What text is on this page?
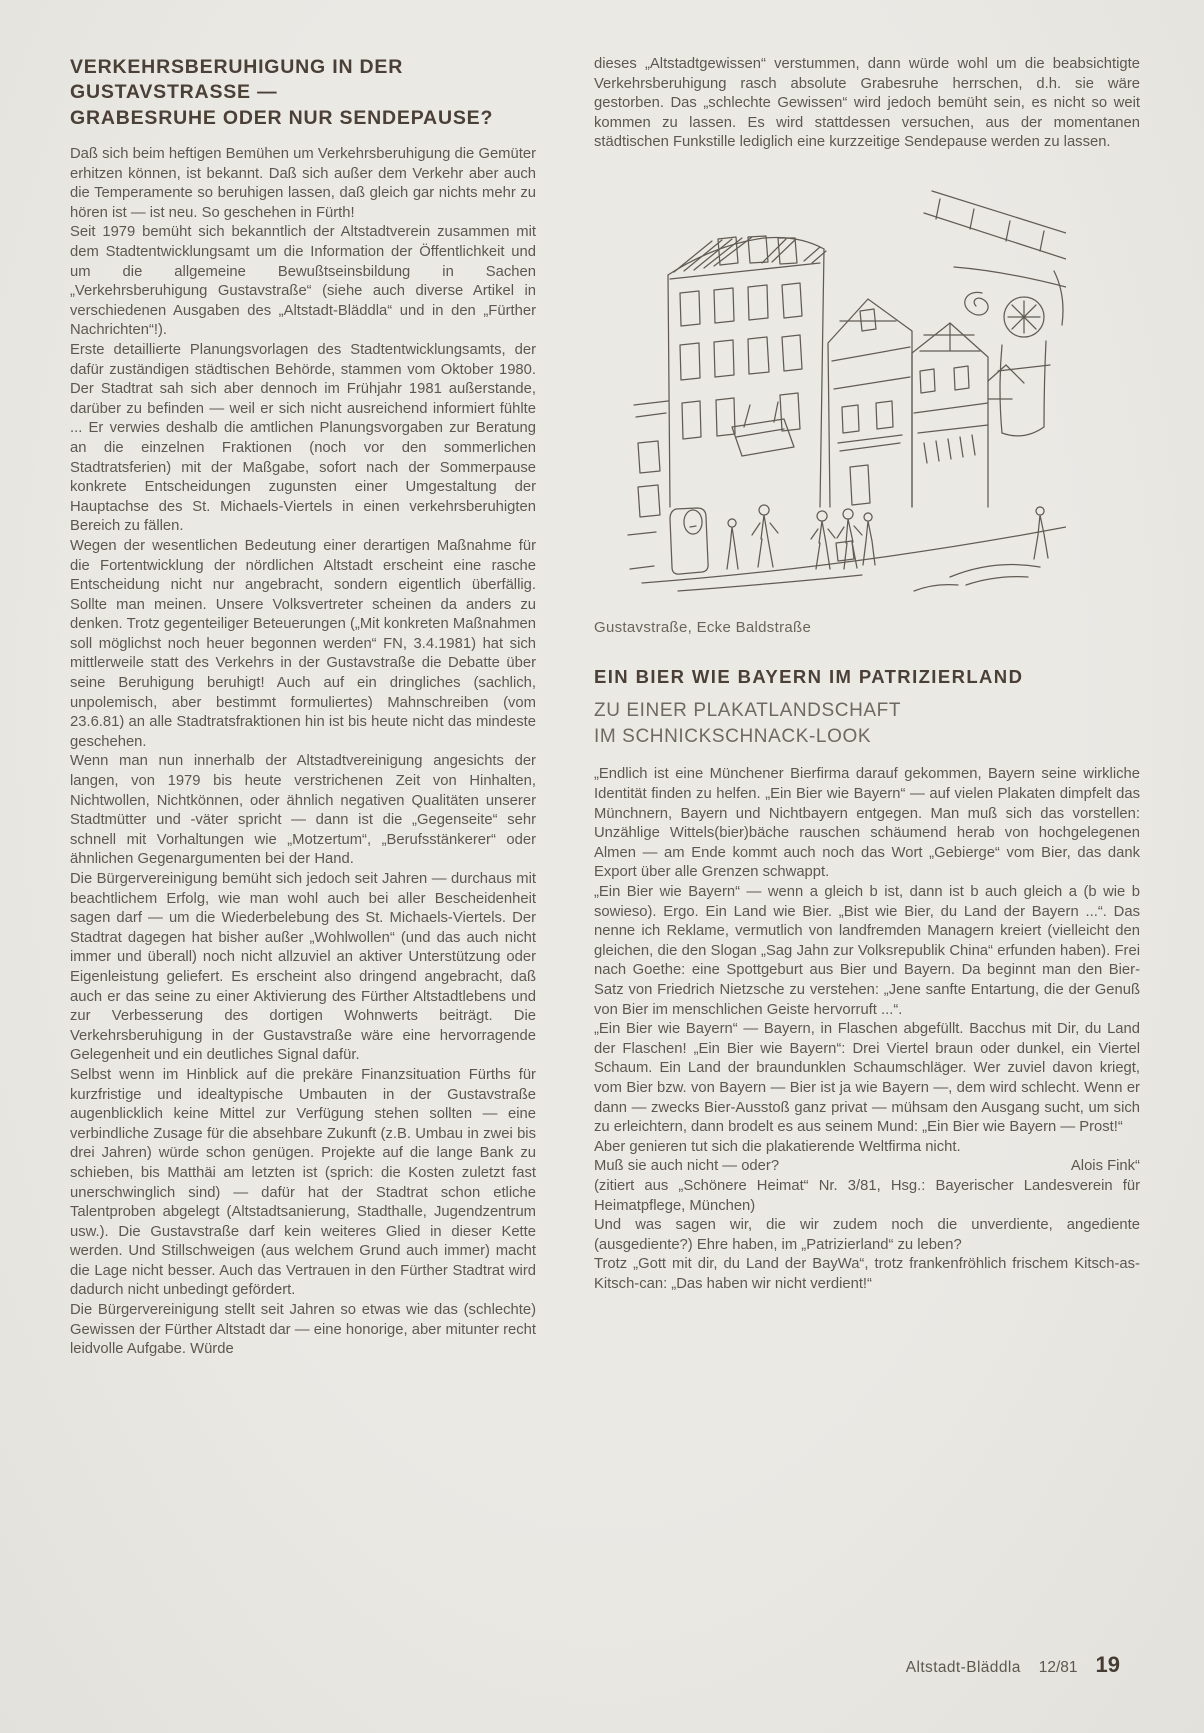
VERKEHRSBERUHIGUNG IN DER
GUSTAVSTRASSE —
GRABESRUHE ODER NUR SENDEPAUSE?

Daß sich beim heftigen Bemühen um Verkehrsberuhigung die Gemüter erhitzen können, ist bekannt. Daß sich außer dem Verkehr aber auch die Temperamente so beruhigen lassen, daß gleich gar nichts mehr zu hören ist — ist neu. So geschehen in Fürth!

Seit 1979 bemüht sich bekanntlich der Altstadtverein zusammen mit dem Stadtentwicklungsamt um die Information der Öffentlichkeit und um die allgemeine Bewußtseinsbildung in Sachen „Verkehrsberuhigung Gustavstraße“ (siehe auch diverse Artikel in verschiedenen Ausgaben des „Altstadt-Bläddla“ und in den „Fürther Nachrichten“!).

Erste detaillierte Planungsvorlagen des Stadtentwicklungsamts, der dafür zuständigen städtischen Behörde, stammen vom Oktober 1980. Der Stadtrat sah sich aber dennoch im Frühjahr 1981 außerstande, darüber zu befinden — weil er sich nicht ausreichend informiert fühlte ... Er verwies deshalb die amtlichen Planungsvorgaben zur Beratung an die einzelnen Fraktionen (noch vor den sommerlichen Stadtratsferien) mit der Maßgabe, sofort nach der Sommerpause konkrete Entscheidungen zugunsten einer Umgestaltung der Hauptachse des St. Michaels-Viertels in einen verkehrsberuhigten Bereich zu fällen.

Wegen der wesentlichen Bedeutung einer derartigen Maßnahme für die Fortentwicklung der nördlichen Altstadt erscheint eine rasche Entscheidung nicht nur angebracht, sondern eigentlich überfällig. Sollte man meinen. Unsere Volksvertreter scheinen da anders zu denken. Trotz gegenteiliger Beteuerungen („Mit konkreten Maßnahmen soll möglichst noch heuer begonnen werden“ FN, 3.4.1981) hat sich mittlerweile statt des Verkehrs in der Gustavstraße die Debatte über seine Beruhigung beruhigt! Auch auf ein dringliches (sachlich, unpolemisch, aber bestimmt formuliertes) Mahnschreiben (vom 23.6.81) an alle Stadtratsfraktionen hin ist bis heute nicht das mindeste geschehen.

Wenn man nun innerhalb der Altstadtvereinigung angesichts der langen, von 1979 bis heute verstrichenen Zeit von Hinhalten, Nichtwollen, Nichtkönnen, oder ähnlich negativen Qualitäten unserer Stadtmütter und -väter spricht — dann ist die „Gegenseite“ sehr schnell mit Vorhaltungen wie „Motzertum“, „Berufsstänkerer“ oder ähnlichen Gegenargumenten bei der Hand.

Die Bürgervereinigung bemüht sich jedoch seit Jahren — durchaus mit beachtlichem Erfolg, wie man wohl auch bei aller Bescheidenheit sagen darf — um die Wiederbelebung des St. Michaels-Viertels. Der Stadtrat dagegen hat bisher außer „Wohlwollen“ (und das auch nicht immer und überall) noch nicht allzuviel an aktiver Unterstützung oder Eigenleistung geliefert. Es erscheint also dringend angebracht, daß auch er das seine zu einer Aktivierung des Fürther Altstadtlebens und zur Verbesserung des dortigen Wohnwerts beiträgt. Die Verkehrsberuhigung in der Gustavstraße wäre eine hervorragende Gelegenheit und ein deutliches Signal dafür.

Selbst wenn im Hinblick auf die prekäre Finanzsituation Fürths für kurzfristige und idealtypische Umbauten in der Gustavstraße augenblicklich keine Mittel zur Verfügung stehen sollten — eine verbindliche Zusage für die absehbare Zukunft (z.B. Umbau in zwei bis drei Jahren) würde schon genügen. Projekte auf die lange Bank zu schieben, bis Matthäi am letzten ist (sprich: die Kosten zuletzt fast unerschwinglich sind) — dafür hat der Stadtrat schon etliche Talentproben abgelegt (Altstadtsanierung, Stadthalle, Jugendzentrum usw.). Die Gustavstraße darf kein weiteres Glied in dieser Kette werden. Und Stillschweigen (aus welchem Grund auch immer) macht die Lage nicht besser. Auch das Vertrauen in den Fürther Stadtrat wird dadurch nicht unbedingt gefördert.

Die Bürgervereinigung stellt seit Jahren so etwas wie das (schlechte) Gewissen der Fürther Altstadt dar — eine honorige, aber mitunter recht leidvolle Aufgabe. Würde

dieses „Altstadtgewissen“ verstummen, dann würde wohl um die beabsichtigte Verkehrsberuhigung rasch absolute Grabesruhe herrschen, d.h. sie wäre gestorben. Das „schlechte Gewissen“ wird jedoch bemüht sein, es nicht so weit kommen zu lassen. Es wird stattdessen versuchen, aus der momentanen städtischen Funkstille lediglich eine kurzzeitige Sendepause werden zu lassen.

Gustavstraße, Ecke Baldstraße

EIN BIER WIE BAYERN IM PATRIZIERLAND
ZU EINER PLAKATLANDSCHAFT
IM SCHNICKSCHNACK-LOOK

„Endlich ist eine Münchener Bierfirma darauf gekommen, Bayern seine wirkliche Identität finden zu helfen. „Ein Bier wie Bayern“ — auf vielen Plakaten dimpfelt das Münchnern, Bayern und Nichtbayern entgegen. Man muß sich das vorstellen: Unzählige Wittels(bier)bäche rauschen schäumend herab von hochgelegenen Almen — am Ende kommt auch noch das Wort „Gebierge“ vom Bier, das dank Export über alle Grenzen schwappt.

„Ein Bier wie Bayern“ — wenn a gleich b ist, dann ist b auch gleich a (b wie b sowieso). Ergo. Ein Land wie Bier. „Bist wie Bier, du Land der Bayern ...“. Das nenne ich Reklame, vermutlich von landfremden Managern kreiert (vielleicht den gleichen, die den Slogan „Sag Jahn zur Volksrepublik China“ erfunden haben). Frei nach Goethe: eine Spottgeburt aus Bier und Bayern. Da beginnt man den Bier-Satz von Friedrich Nietzsche zu verstehen: „Jene sanfte Entartung, die der Genuß von Bier im menschlichen Geiste hervorruft ...“.

„Ein Bier wie Bayern“ — Bayern, in Flaschen abgefüllt. Bacchus mit Dir, du Land der Flaschen! „Ein Bier wie Bayern“: Drei Viertel braun oder dunkel, ein Viertel Schaum. Ein Land der braundunklen Schaumschläger. Wer zuviel davon kriegt, vom Bier bzw. von Bayern — Bier ist ja wie Bayern —, dem wird schlecht. Wenn er dann — zwecks Bier-Ausstoß ganz privat — mühsam den Ausgang sucht, um sich zu erleichtern, dann brodelt es aus seinem Mund: „Ein Bier wie Bayern — Prost!“

Aber genieren tut sich die plakatierende Weltfirma nicht.

Muß sie auch nicht — oder?	Alois Fink“

(zitiert aus „Schönere Heimat“ Nr. 3/81, Hsg.: Bayerischer Landesverein für Heimatpflege, München)

Und was sagen wir, die wir zudem noch die unverdiente, angediente (ausgediente?) Ehre haben, im „Patrizierland“ zu leben?

Trotz „Gott mit dir, du Land der BayWa“, trotz frankenfröhlich frischem Kitsch-as-Kitsch-can: „Das haben wir nicht verdient!“

Altstadt-Bläddla 12/81 19
